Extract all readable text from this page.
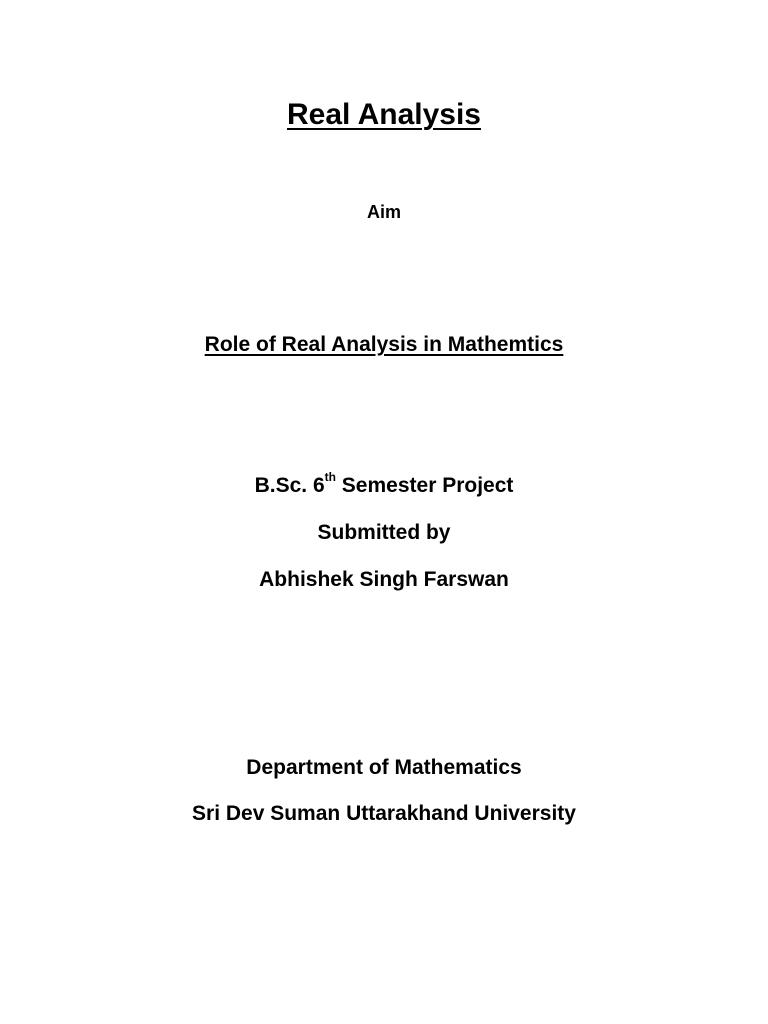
Real Analysis
Aim
Role of Real Analysis in Mathemtics
B.Sc. 6th Semester Project
Submitted by
Abhishek Singh Farswan
Department of Mathematics
Sri Dev Suman Uttarakhand University
